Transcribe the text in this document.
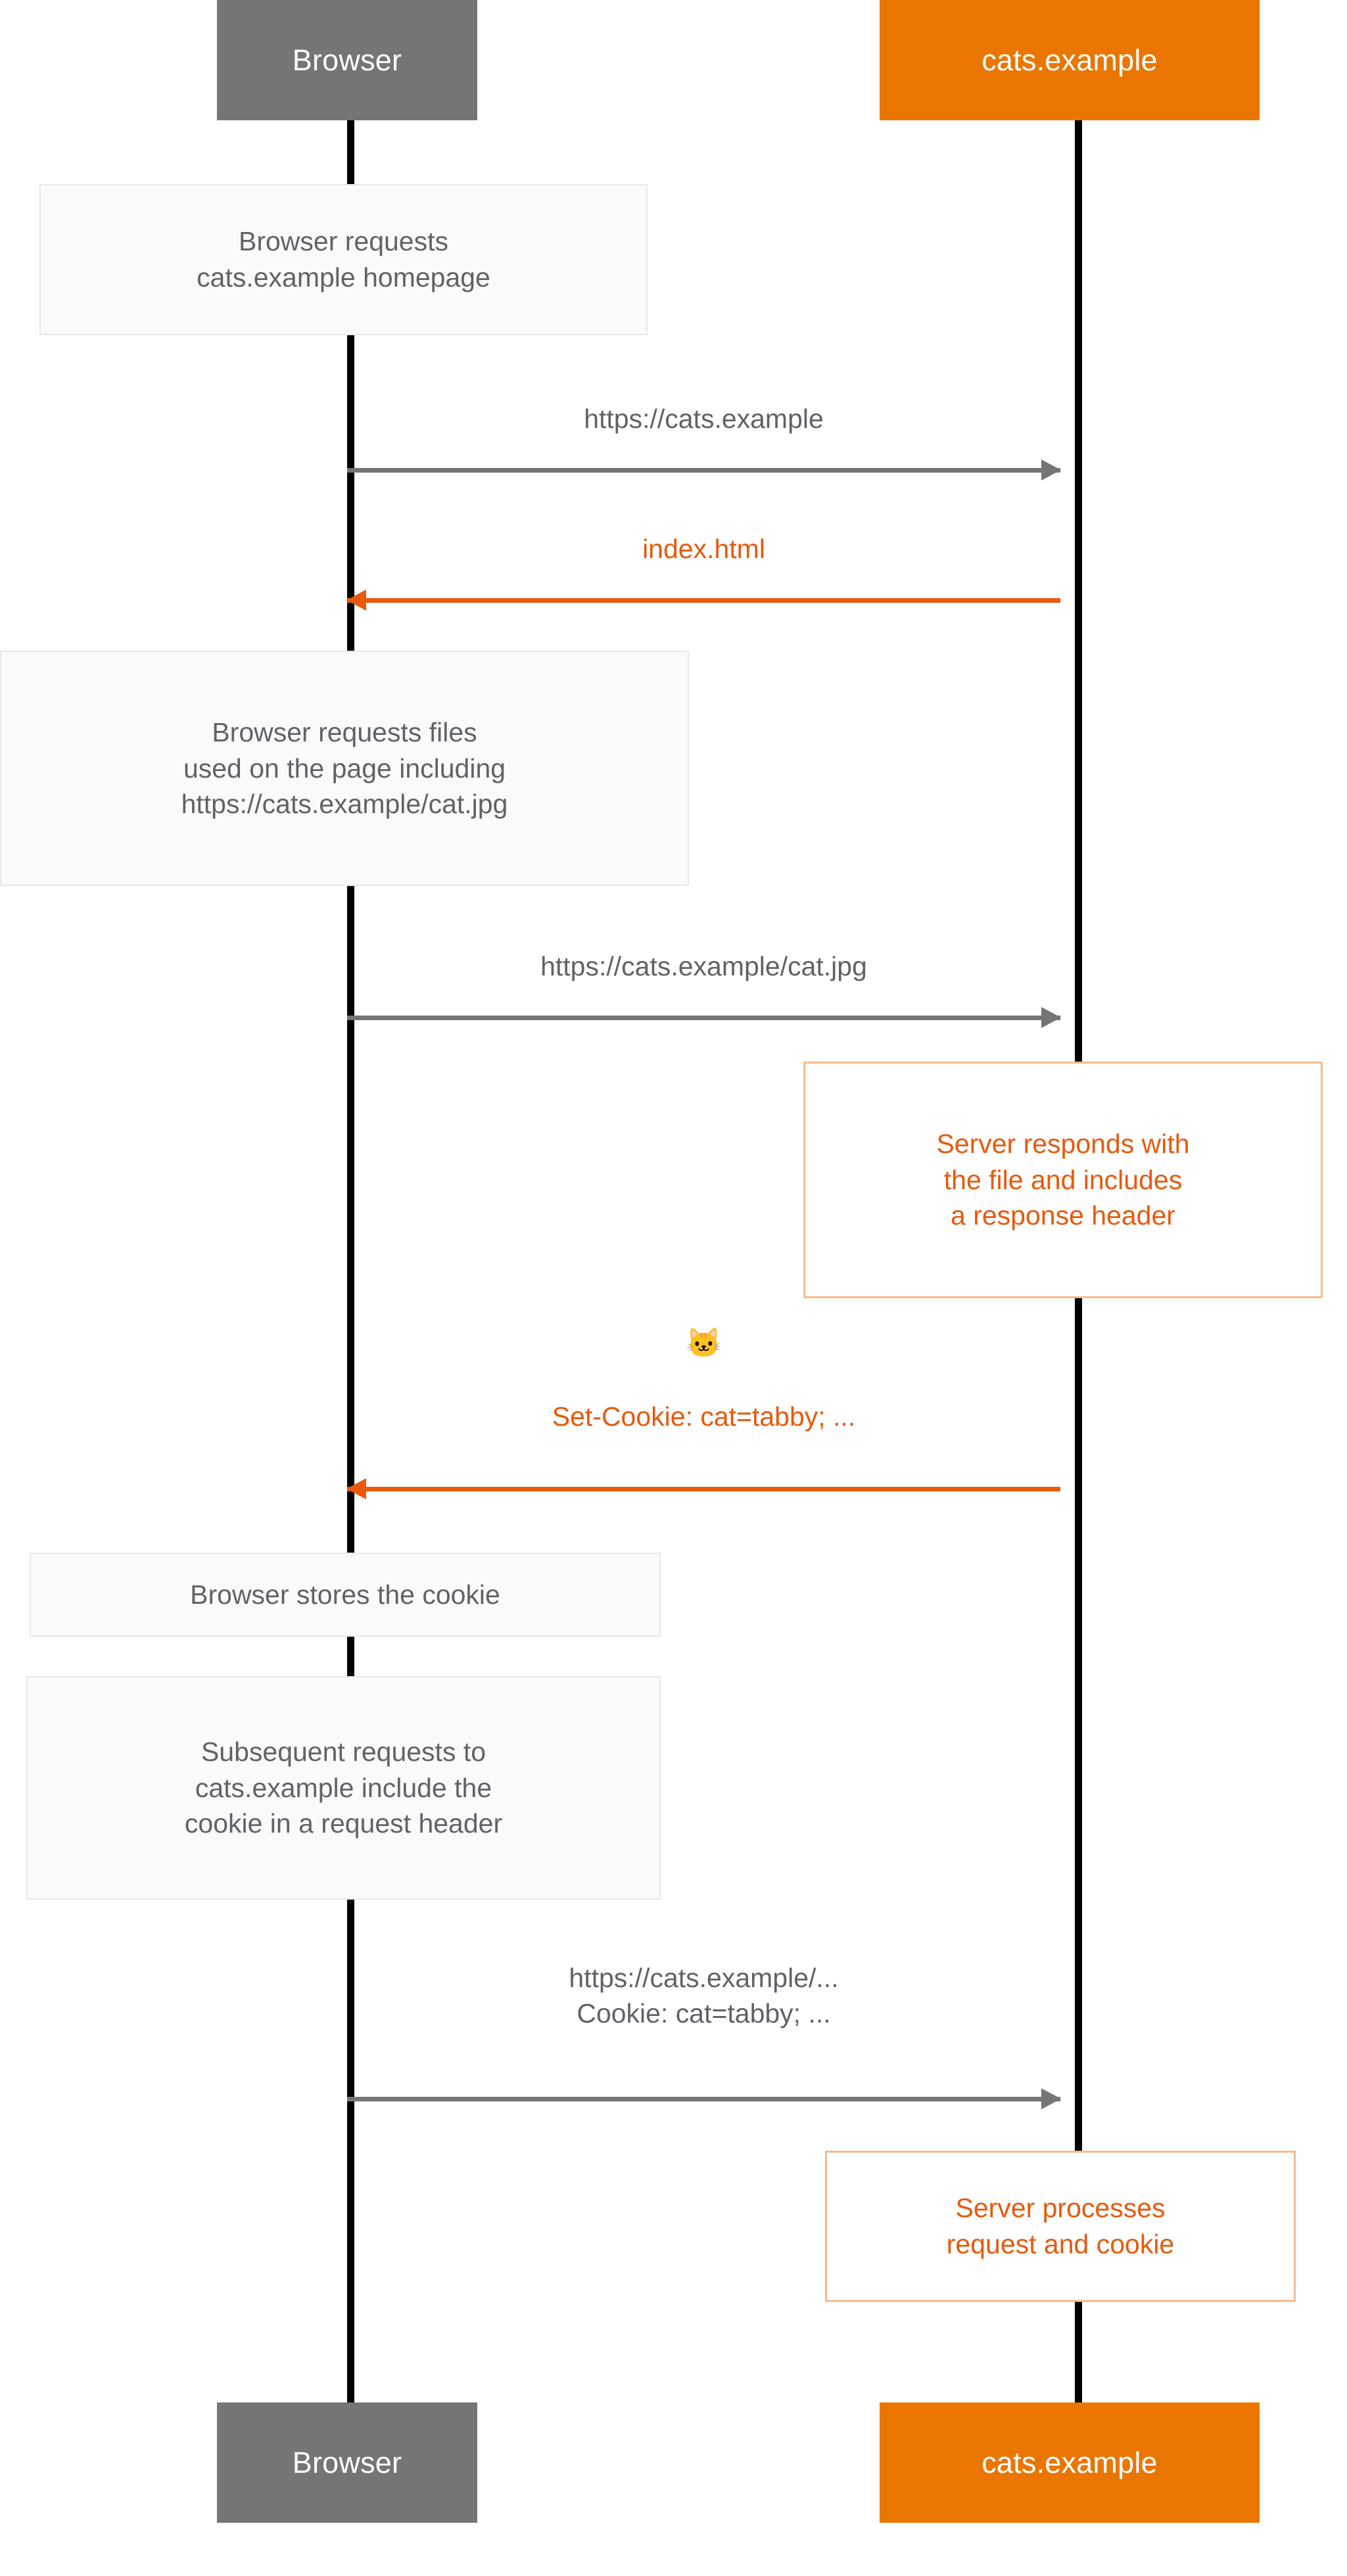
Browser	cats.example
Browser	cats.example
Browser requests
cats.example homepage
https://cats.example
index.html
Browser requests files
used on the page including
https://cats.example/cat.jpg
https://cats.example/cat.jpg
Server responds with
the file and includes
a response header
🐱
Set-Cookie: cat=tabby; ...
Browser stores the cookie
Subsequent requests to
cats.example include the
cookie in a request header
https://cats.example/...
Cookie: cat=tabby; ...
Server processes
request and cookie
